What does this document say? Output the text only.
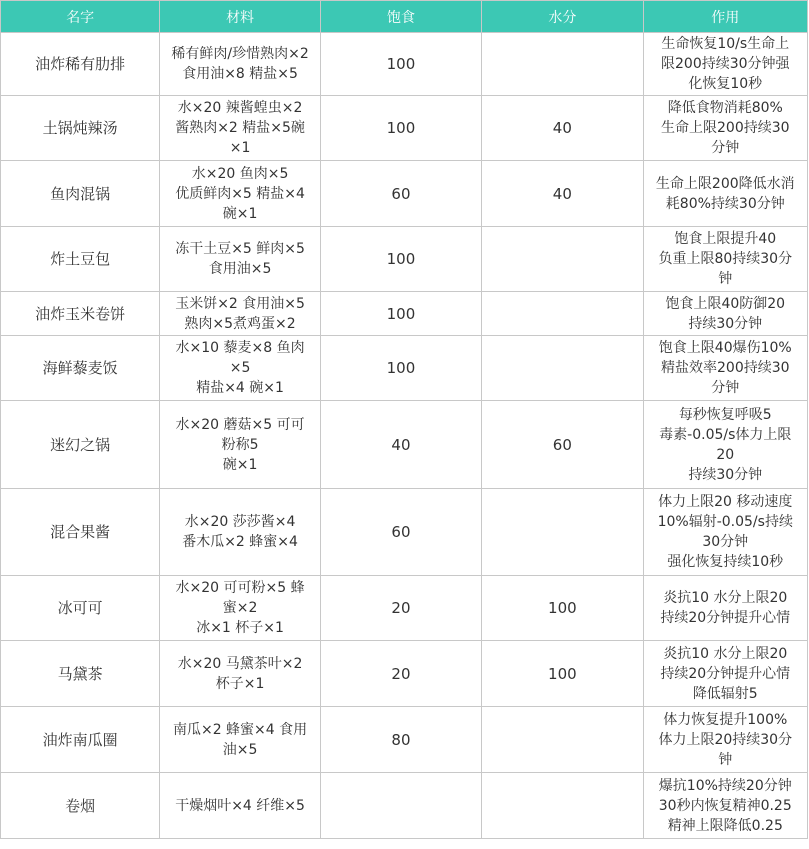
名字	材料	饱食	水分	作用
油炸稀有肋排	稀有鲜肉/珍惜熟肉×2
食用油×8 精盐×5	100		生命恢复10/s生命上
限200持续30分钟强
化恢复10秒

土锅炖辣汤	水×20 辣酱蝗虫×2
酱熟肉×2 精盐×5碗
×1	100	40	降低食物消耗80%
生命上限200持续30
分钟

鱼肉混锅	水×20 鱼肉×5
优质鲜肉×5 精盐×4
碗×1	60	40	生命上限200降低水消
耗80%持续30分钟

炸土豆包	冻干土豆×5 鲜肉×5
食用油×5	100		饱食上限提升40
负重上限80持续30分
钟

油炸玉米卷饼	玉米饼×2 食用油×5
熟肉×5煮鸡蛋×2	100		饱食上限40防御20
持续30分钟

海鲜藜麦饭	水×10 藜麦×8 鱼肉
×5
精盐×4 碗×1	100		饱食上限40爆伤10%
精盐效率200持续30
分钟

迷幻之锅	水×20 蘑菇×5 可可
粉称5
碗×1	40	60	每秒恢复呼吸5
毒素-0.05/s体力上限
20
持续30分钟

混合果酱	水×20 莎莎酱×4
番木瓜×2 蜂蜜×4	60		体力上限20 移动速度
10%辐射-0.05/s持续
30分钟
强化恢复持续10秒

冰可可	水×20 可可粉×5 蜂
蜜×2
冰×1 杯子×1	20	100	炎抗10 水分上限20
持续20分钟提升心情

马黛茶	水×20 马黛茶叶×2
杯子×1	20	100	炎抗10 水分上限20
持续20分钟提升心情
降低辐射5

油炸南瓜圈	南瓜×2 蜂蜜×4 食用
油×5	80		体力恢复提升100%
体力上限20持续30分
钟

卷烟	干燥烟叶×4 纤维×5			爆抗10%持续20分钟
30秒内恢复精神0.25
精神上限降低0.25
